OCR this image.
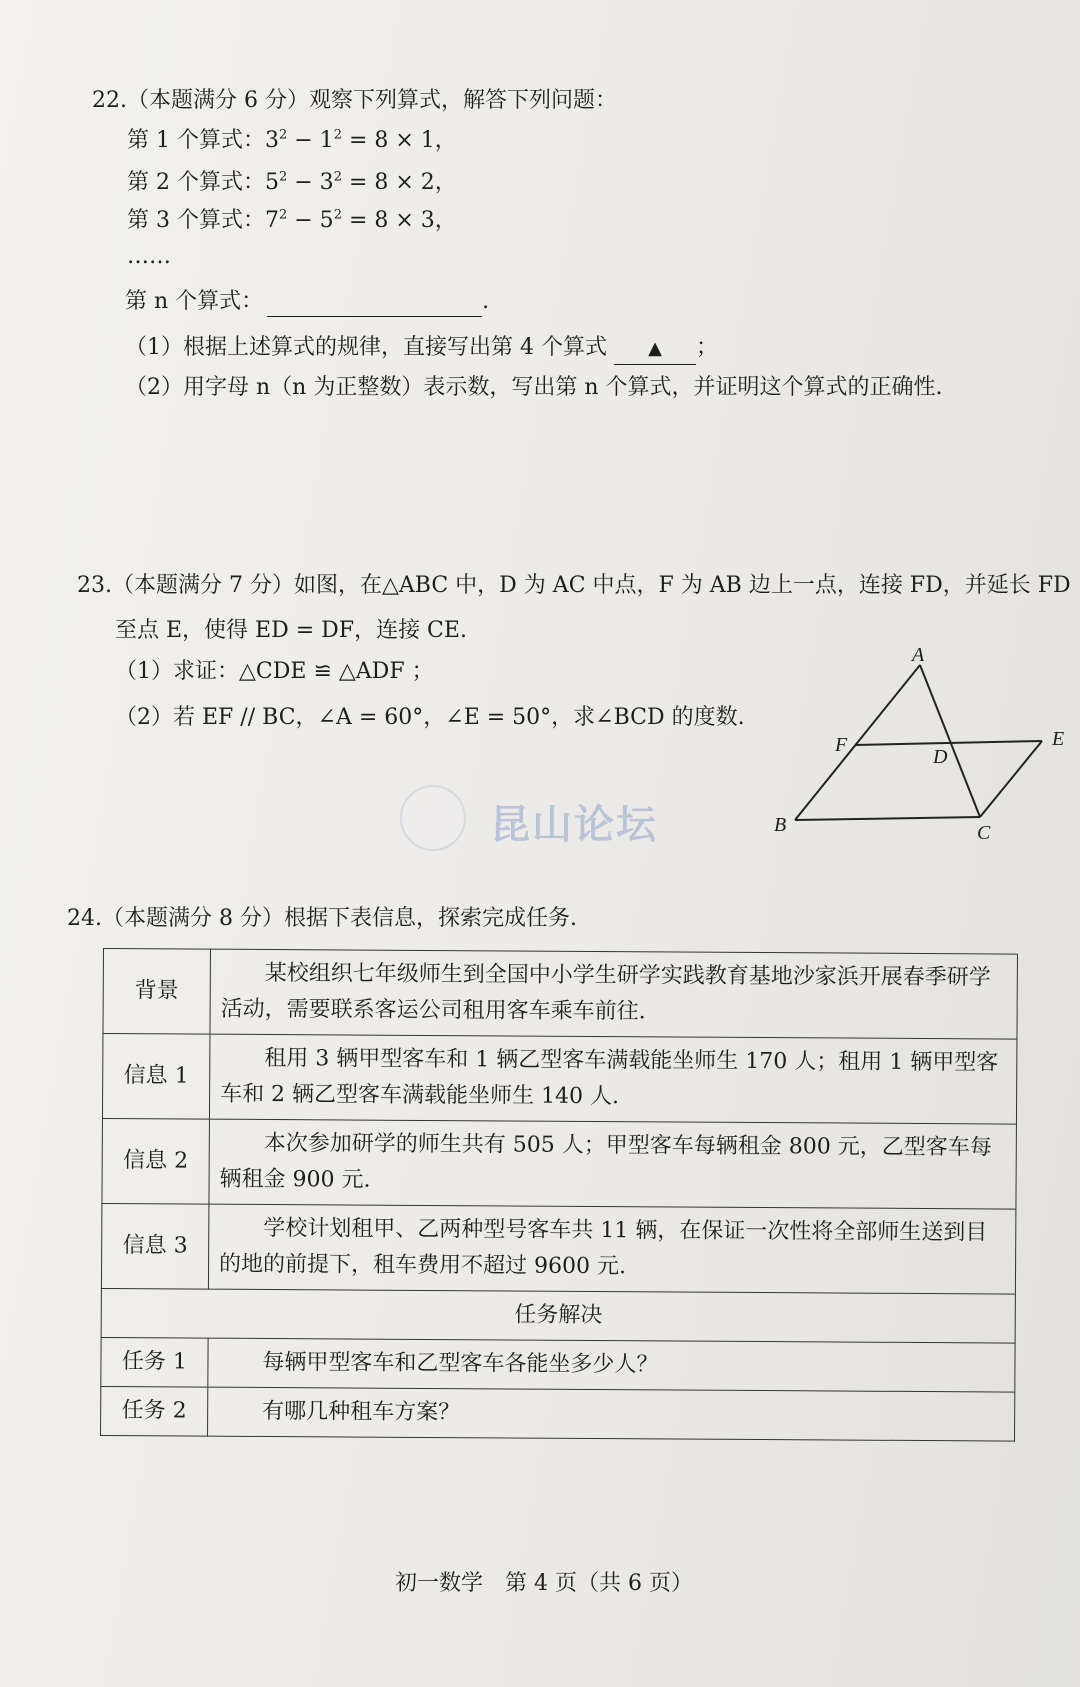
22.（本题满分 6 分）观察下列算式，解答下列问题：
第 1 个算式：$3^2 - 1^2 = 8 \times 1$，
第 2 个算式：$5^2 - 3^2 = 8 \times 2$，
第 3 个算式：$7^2 - 5^2 = 8 \times 3$，
……
第 n 个算式：	.
（1）根据上述算式的规律，直接写出第 4 个算式 ▲ ；
（2）用字母 n（n 为正整数）表示数，写出第 n 个算式，并证明这个算式的正确性.
23.（本题满分 7 分）如图，在△ABC 中，D 为 AC 中点，F 为 AB 边上一点，连接 FD，并延长 FD
至点 E，使得 ED = DF，连接 CE.
（1）求证：△CDE ≌ △ADF ；
（2）若 EF // BC，∠A = 60°，∠E = 50°，求∠BCD 的度数.
A
B	C
D
E
F
昆山论坛
24.（本题满分 8 分）根据下表信息，探索完成任务.
背景	某校组织七年级师生到全国中小学生研学实践教育基地沙家浜开展春季研学活动，需要联系客运公司租用客车乘车前往.
信息 1	租用 3 辆甲型客车和 1 辆乙型客车满载能坐师生 170 人；租用 1 辆甲型客车和 2 辆乙型客车满载能坐师生 140 人.
信息 2	本次参加研学的师生共有 505 人；甲型客车每辆租金 800 元，乙型客车每辆租金 900 元.
信息 3	学校计划租甲、乙两种型号客车共 11 辆，在保证一次性将全部师生送到目的地的前提下，租车费用不超过 9600 元.
任务解决	
任务 1	每辆甲型客车和乙型客车各能坐多少人？
任务 2	有哪几种租车方案？
初一数学　第 4 页（共 6 页）
